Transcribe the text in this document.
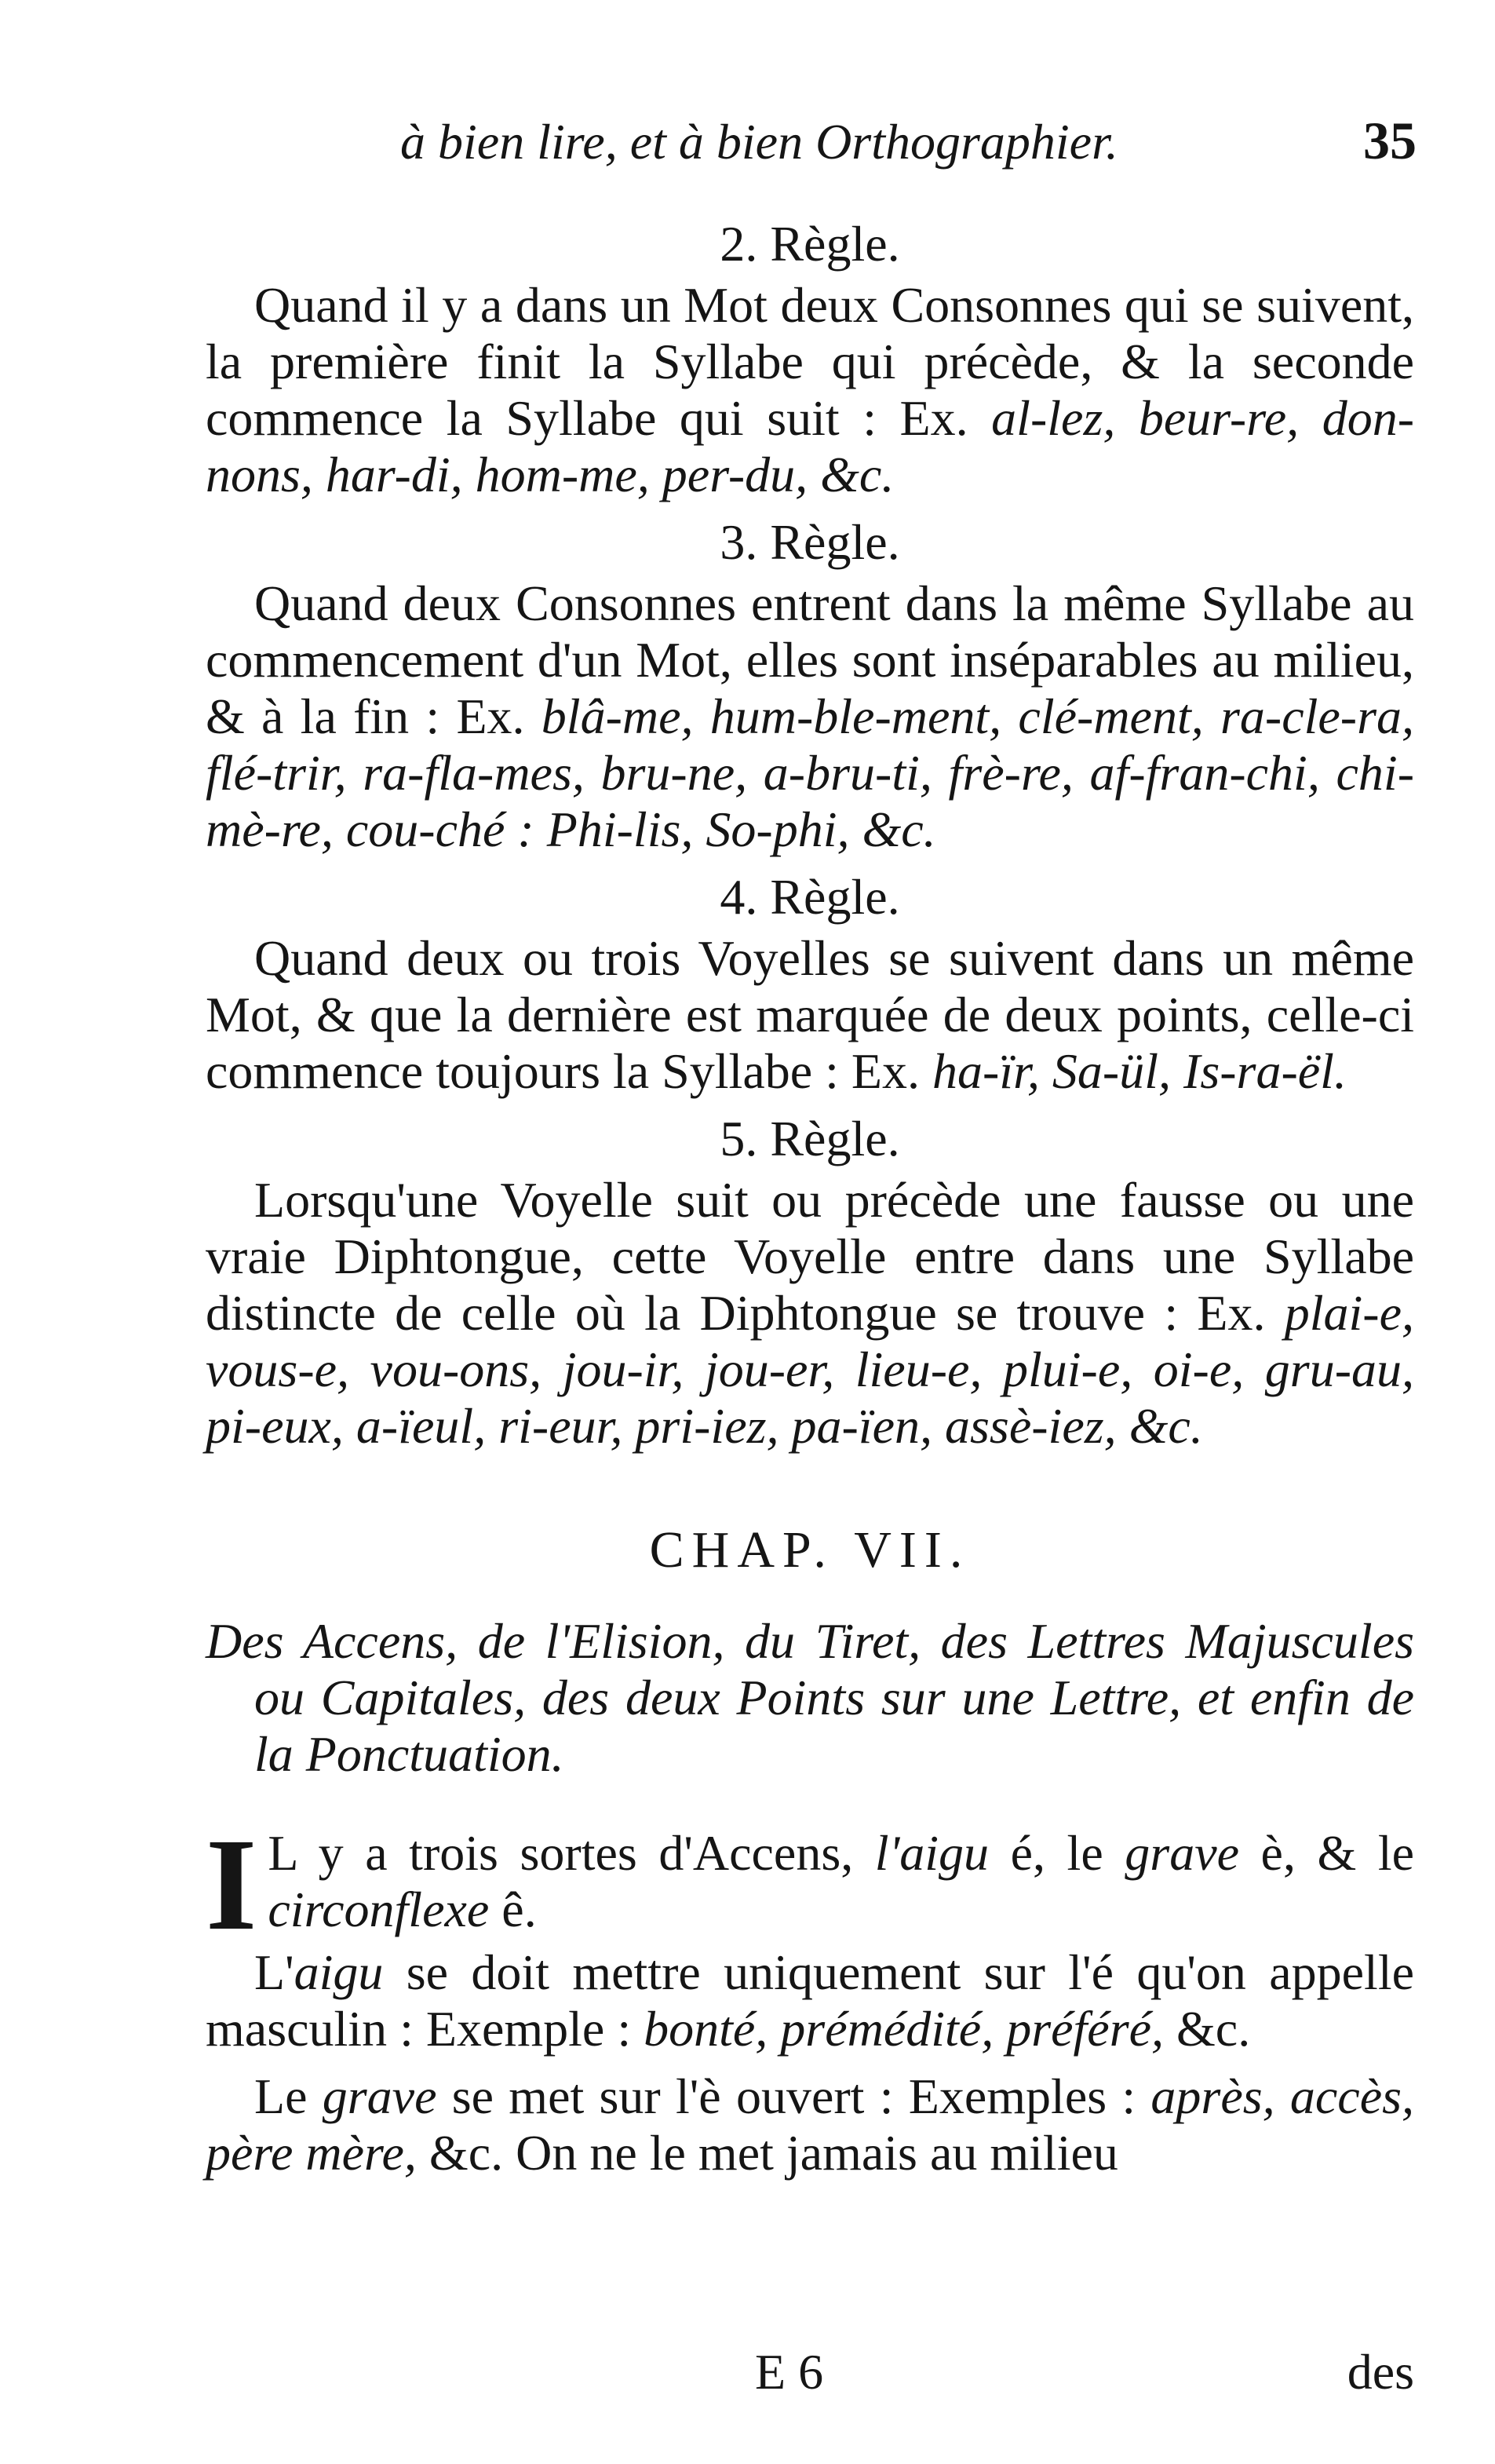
à bien lire, et à bien Orthographier.	35
2. Règle.

Quand il y a dans un Mot deux Consonnes qui se suivent, la première finit la Syllabe qui précède, & la seconde commence la Syllabe qui suit : Ex. al-lez, beur-re, don-nons, har-di, hom-me, per-du, &c.

3. Règle.

Quand deux Consonnes entrent dans la même Syllabe au commencement d'un Mot, elles sont inséparables au milieu, & à la fin : Ex. blâ-me, hum-ble-ment, clé-ment, ra-cle-ra, flé-trir, ra-fla-mes, bru-ne, a-bru-ti, frè-re, af-fran-chi, chi-mè-re, cou-ché : Phi-lis, So-phi, &c.

4. Règle.

Quand deux ou trois Voyelles se suivent dans un même Mot, & que la dernière est marquée de deux points, celle-ci commence toujours la Syllabe : Ex. ha-ïr, Sa-ül, Is-ra-ël.

5. Règle.

Lorsqu'une Voyelle suit ou précède une fausse ou une vraie Diphtongue, cette Voyelle entre dans une Syllabe distincte de celle où la Diphtongue se trouve : Ex. plai-e, vous-e, vou-ons, jou-ir, jou-er, lieu-e, plui-e, oi-e, gru-au, pi-eux, a-ïeul, ri-eur, pri-iez, pa-ïen, assè-iez, &c.

CHAP. VII.
Des Accens, de l'Elision, du Tiret, des Lettres Majuscules ou Capitales, des deux Points sur une Lettre, et enfin de la Ponctuation.

I L y a trois sortes d'Accens, l'aigu é, le grave è, & le circonflexe ê.

L'aigu se doit mettre uniquement sur l'é qu'on appelle masculin : Exemple : bonté, prémédité, préféré, &c.

Le grave se met sur l'è ouvert : Exemples : après, accès, père mère, &c. On ne le met jamais au milieu

E 6	des
